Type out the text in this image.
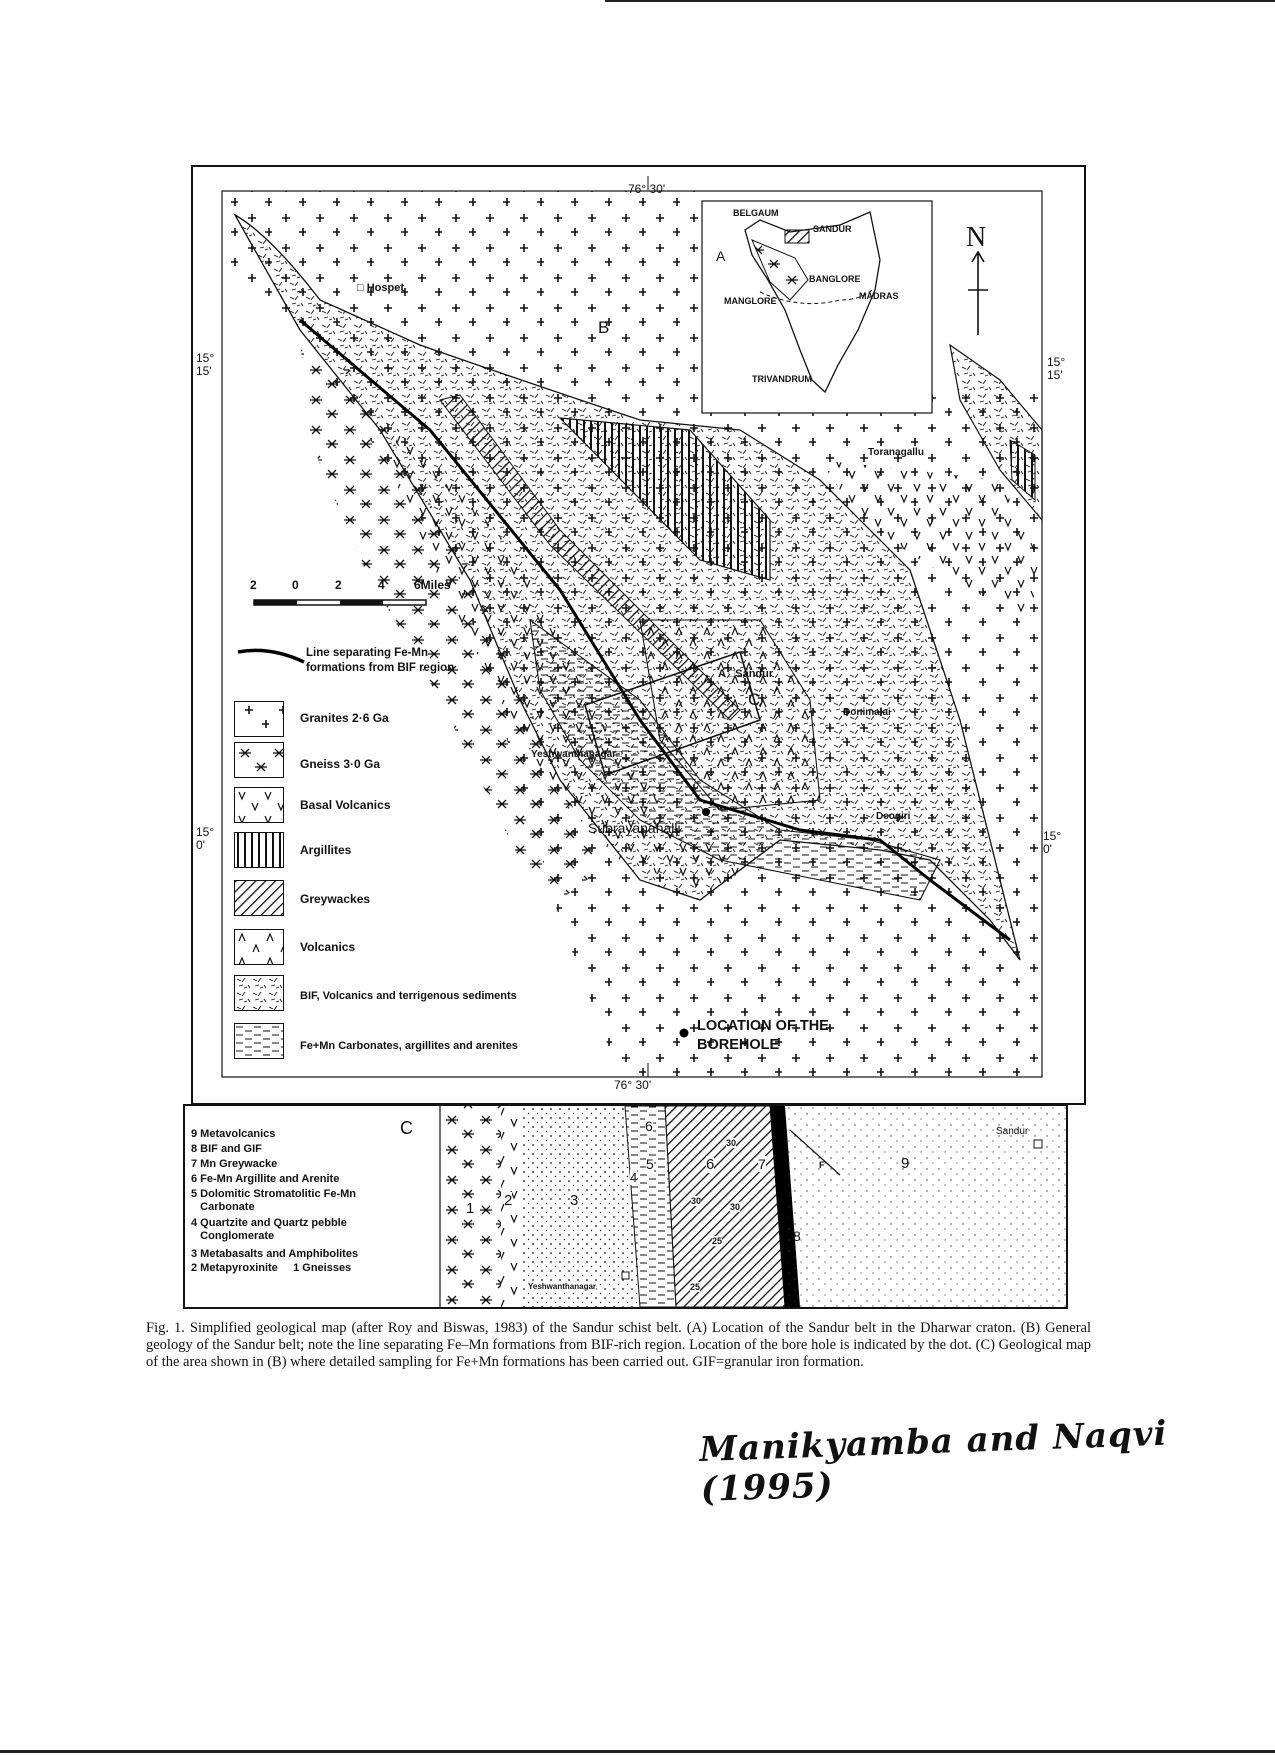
76° 30'
76° 30'
15°
15'
15°
15'
15°
0'
15°
0'
B
C
N
□ Hospet
Toranagallu
A □Sandur
Donimalai
Yeshwanthanagar□
Subrayanahalli
Deogiri
2	0	2	4 6Miles
Line separating Fe-Mn
formations from BIF region
LOCATION OF THE
BOREHOLE
A
BELGAUM
SANDUR
BANGLORE
MANGLORE	MADRAS
TRIVANDRUM
Granites 2·6 Ga
Gneiss 3·0 Ga
Basal Volcanics
Argillites
Greywackes
Volcanics
BIF, Volcanics and terrigenous sediments
Fe+Mn Carbonates, argillites and arenites
C
9 Metavolcanics
8 BIF and GIF
7 Mn Greywacke
6 Fe-Mn Argillite and Arenite
5 Dolomitic Stromatolitic Fe-Mn
Carbonate
4 Quartzite and Quartz pebble
Conglomerate
3 Metabasalts and Amphibolites
2 Metapyroxinite     1 Gneisses
1 2	3
4
5
6
6	7
8
9
30
30
30
25
25
F
Sandur
Yeshwanthanagar
Fig. 1. Simplified geological map (after Roy and Biswas, 1983) of the Sandur schist belt. (A) Location of the Sandur belt in the Dharwar craton. (B) General geology of the Sandur belt; note the line separating Fe–Mn formations from BIF-rich region. Location of the bore hole is indicated by the dot. (C) Geological map of the area shown in (B) where detailed sampling for Fe+Mn formations has been carried out. GIF=granular iron formation.
Manikyamba and Naqvi (1995)
